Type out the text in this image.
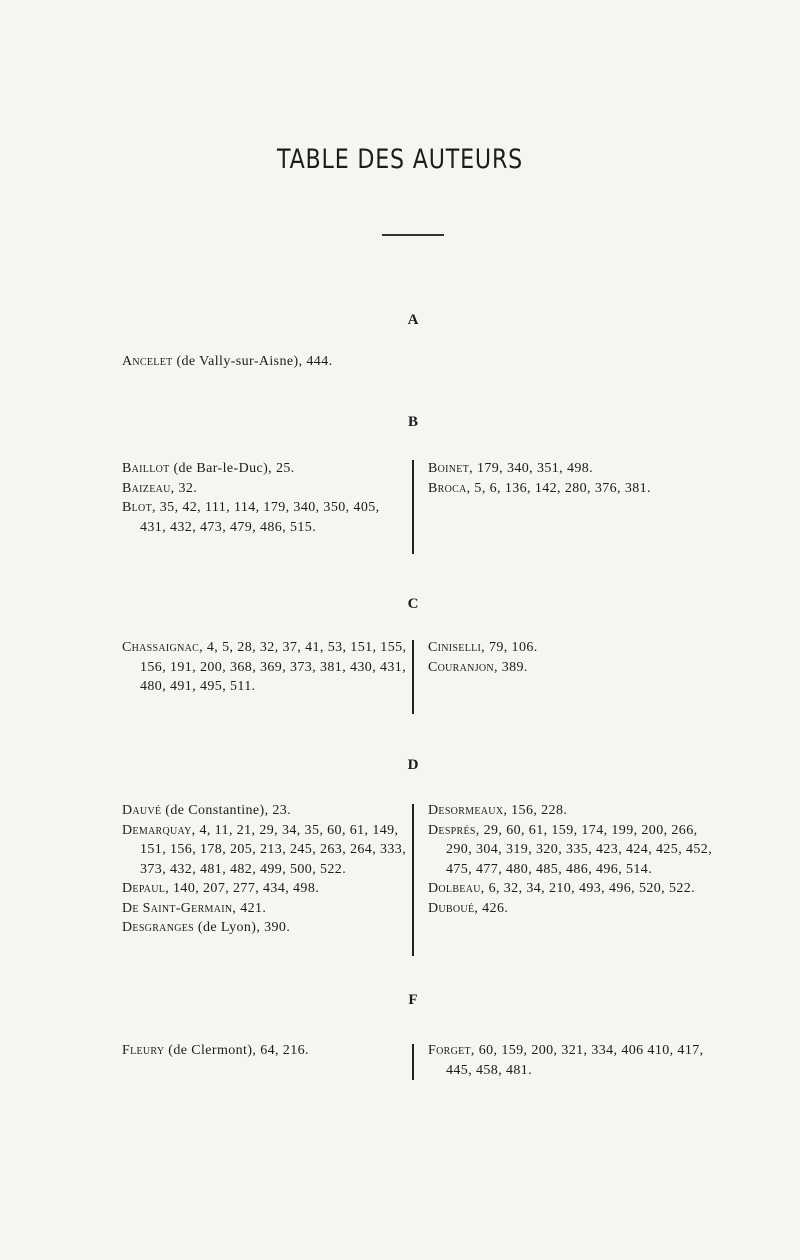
TABLE DES AUTEURS
A
Ancelet (de Vally-sur-Aisne), 444.
B
Baillot (de Bar-le-Duc), 25.
Baizeau, 32.
Blot, 35, 42, 111, 114, 179, 340, 350, 405, 431, 432, 473, 479, 486, 515.
Boinet, 179, 340, 351, 498.
Broca, 5, 6, 136, 142, 280, 376, 381.
C
Chassaignac, 4, 5, 28, 32, 37, 41, 53, 151, 155, 156, 191, 200, 368, 369, 373, 381, 430, 431, 480, 491, 495, 511.
Ciniselli, 79, 106.
Couranjon, 389.
D
Dauvé (de Constantine), 23.
Demarquay, 4, 11, 21, 29, 34, 35, 60, 61, 149, 151, 156, 178, 205, 213, 245, 263, 264, 333, 373, 432, 481, 482, 499, 500, 522.
Depaul, 140, 207, 277, 434, 498.
De Saint-Germain, 421.
Desgranges (de Lyon), 390.
Desormeaux, 156, 228.
Després, 29, 60, 61, 159, 174, 199, 200, 266, 290, 304, 319, 320, 335, 423, 424, 425, 452, 475, 477, 480, 485, 486, 496, 514.
Dolbeau, 6, 32, 34, 210, 493, 496, 520, 522.
Duboué, 426.
F
Fleury (de Clermont), 64, 216.	Forget, 60, 159, 200, 321, 334, 406 410, 417, 445, 458, 481.
